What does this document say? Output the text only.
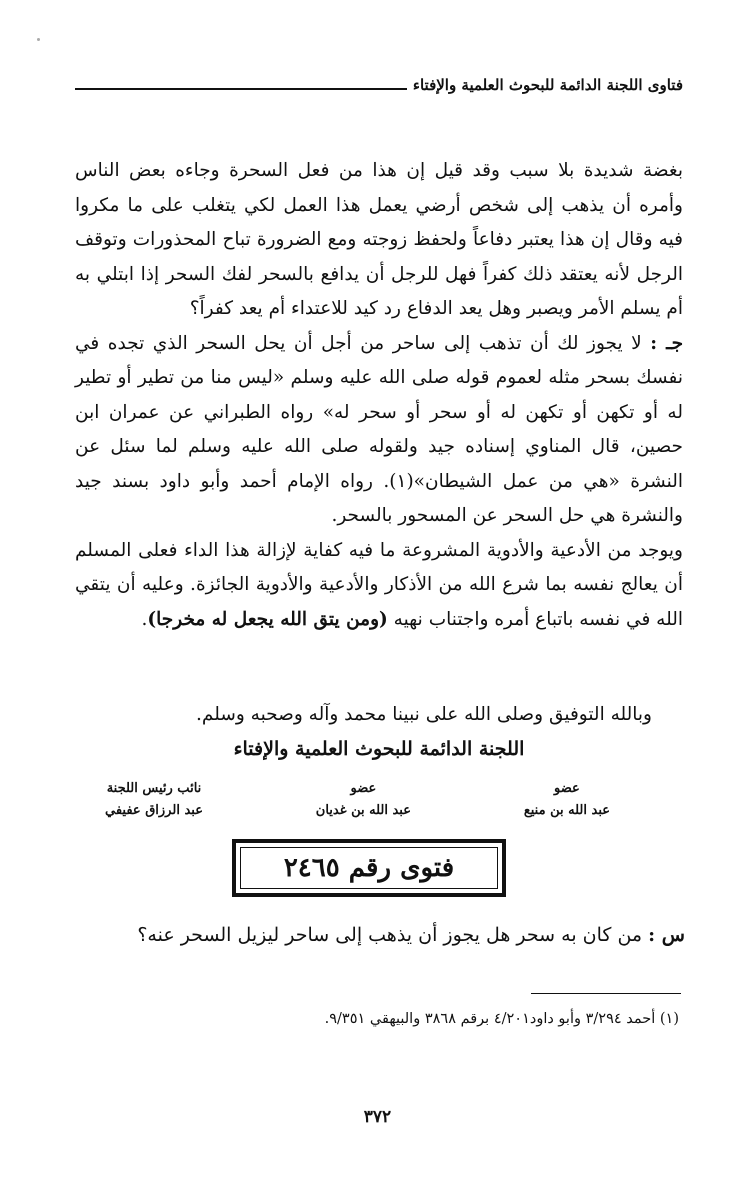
فتاوى اللجنة الدائمة للبحوث العلمية والإفتاء

بغضة شديدة بلا سبب وقد قيل إن هذا من فعل السحرة وجاءه بعض الناس وأمره أن يذهب إلى شخص أرضي يعمل هذا العمل لكي يتغلب على ما مكروا فيه وقال إن هذا يعتبر دفاعاً ولحفظ زوجته ومع الضرورة تباح المحذورات وتوقف الرجل لأنه يعتقد ذلك كفراً فهل للرجل أن يدافع بالسحر لفك السحر إذا ابتلي به أم يسلم الأمر ويصبر وهل يعد الدفاع رد كيد للاعتداء أم يعد كفراً؟

جـ : لا يجوز لك أن تذهب إلى ساحر من أجل أن يحل السحر الذي تجده في نفسك بسحر مثله لعموم قوله صلى الله عليه وسلم «ليس منا من تطير أو تطير له أو تكهن أو تكهن له أو سحر أو سحر له» رواه الطبراني عن عمران ابن حصين، قال المناوي إسناده جيد ولقوله صلى الله عليه وسلم لما سئل عن النشرة «هي من عمل الشيطان»(١). رواه الإمام أحمد وأبو داود بسند جيد والنشرة هي حل السحر عن المسحور بالسحر.

ويوجد من الأدعية والأدوية المشروعة ما فيه كفاية لإزالة هذا الداء فعلى المسلم أن يعالج نفسه بما شرع الله من الأذكار والأدعية والأدوية الجائزة. وعليه أن يتقي الله في نفسه باتباع أمره واجتناب نهيه (ومن يتق الله يجعل له مخرجا).

وبالله التوفيق وصلى الله على نبينا محمد وآله وصحبه وسلم.
اللجنة الدائمة للبحوث العلمية والإفتاء
عضو
عبد الله بن منيع
عضو
عبد الله بن غديان
نائب رئيس اللجنة
عبد الرزاق عفيفي
فتوى رقم ٢٤٦٥
س : من كان به سحر هل يجوز أن يذهب إلى ساحر ليزيل السحر عنه؟
(١) أحمد ٣/٢٩٤ وأبو داود٤/٢٠١ برقم ٣٨٦٨ والبيهقي ٩/٣٥١.
٣٧٢
